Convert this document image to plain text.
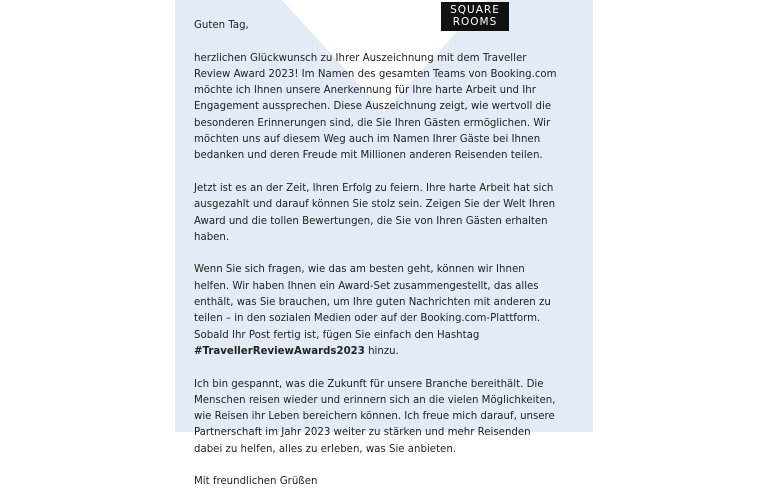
SQUARE
ROOMS

Guten Tag,

herzlichen Glückwunsch zu Ihrer Auszeichnung mit dem Traveller
Review Award 2023! Im Namen des gesamten Teams von Booking.com
möchte ich Ihnen unsere Anerkennung für Ihre harte Arbeit und Ihr
Engagement aussprechen. Diese Auszeichnung zeigt, wie wertvoll die
besonderen Erinnerungen sind, die Sie Ihren Gästen ermöglichen. Wir
möchten uns auf diesem Weg auch im Namen Ihrer Gäste bei Ihnen
bedanken und deren Freude mit Millionen anderen Reisenden teilen.

Jetzt ist es an der Zeit, Ihren Erfolg zu feiern. Ihre harte Arbeit hat sich
ausgezahlt und darauf können Sie stolz sein. Zeigen Sie der Welt Ihren
Award und die tollen Bewertungen, die Sie von Ihren Gästen erhalten
haben.

Wenn Sie sich fragen, wie das am besten geht, können wir Ihnen
helfen. Wir haben Ihnen ein Award-Set zusammengestellt, das alles
enthält, was Sie brauchen, um Ihre guten Nachrichten mit anderen zu
teilen – in den sozialen Medien oder auf der Booking.com-Plattform.
Sobald Ihr Post fertig ist, fügen Sie einfach den Hashtag
#TravellerReviewAwards2023 hinzu.

Ich bin gespannt, was die Zukunft für unsere Branche bereithält. Die
Menschen reisen wieder und erinnern sich an die vielen Möglichkeiten,
wie Reisen ihr Leben bereichern können. Ich freue mich darauf, unsere
Partnerschaft im Jahr 2023 weiter zu stärken und mehr Reisenden
dabei zu helfen, alles zu erleben, was Sie anbieten.

Mit freundlichen Grüßen
